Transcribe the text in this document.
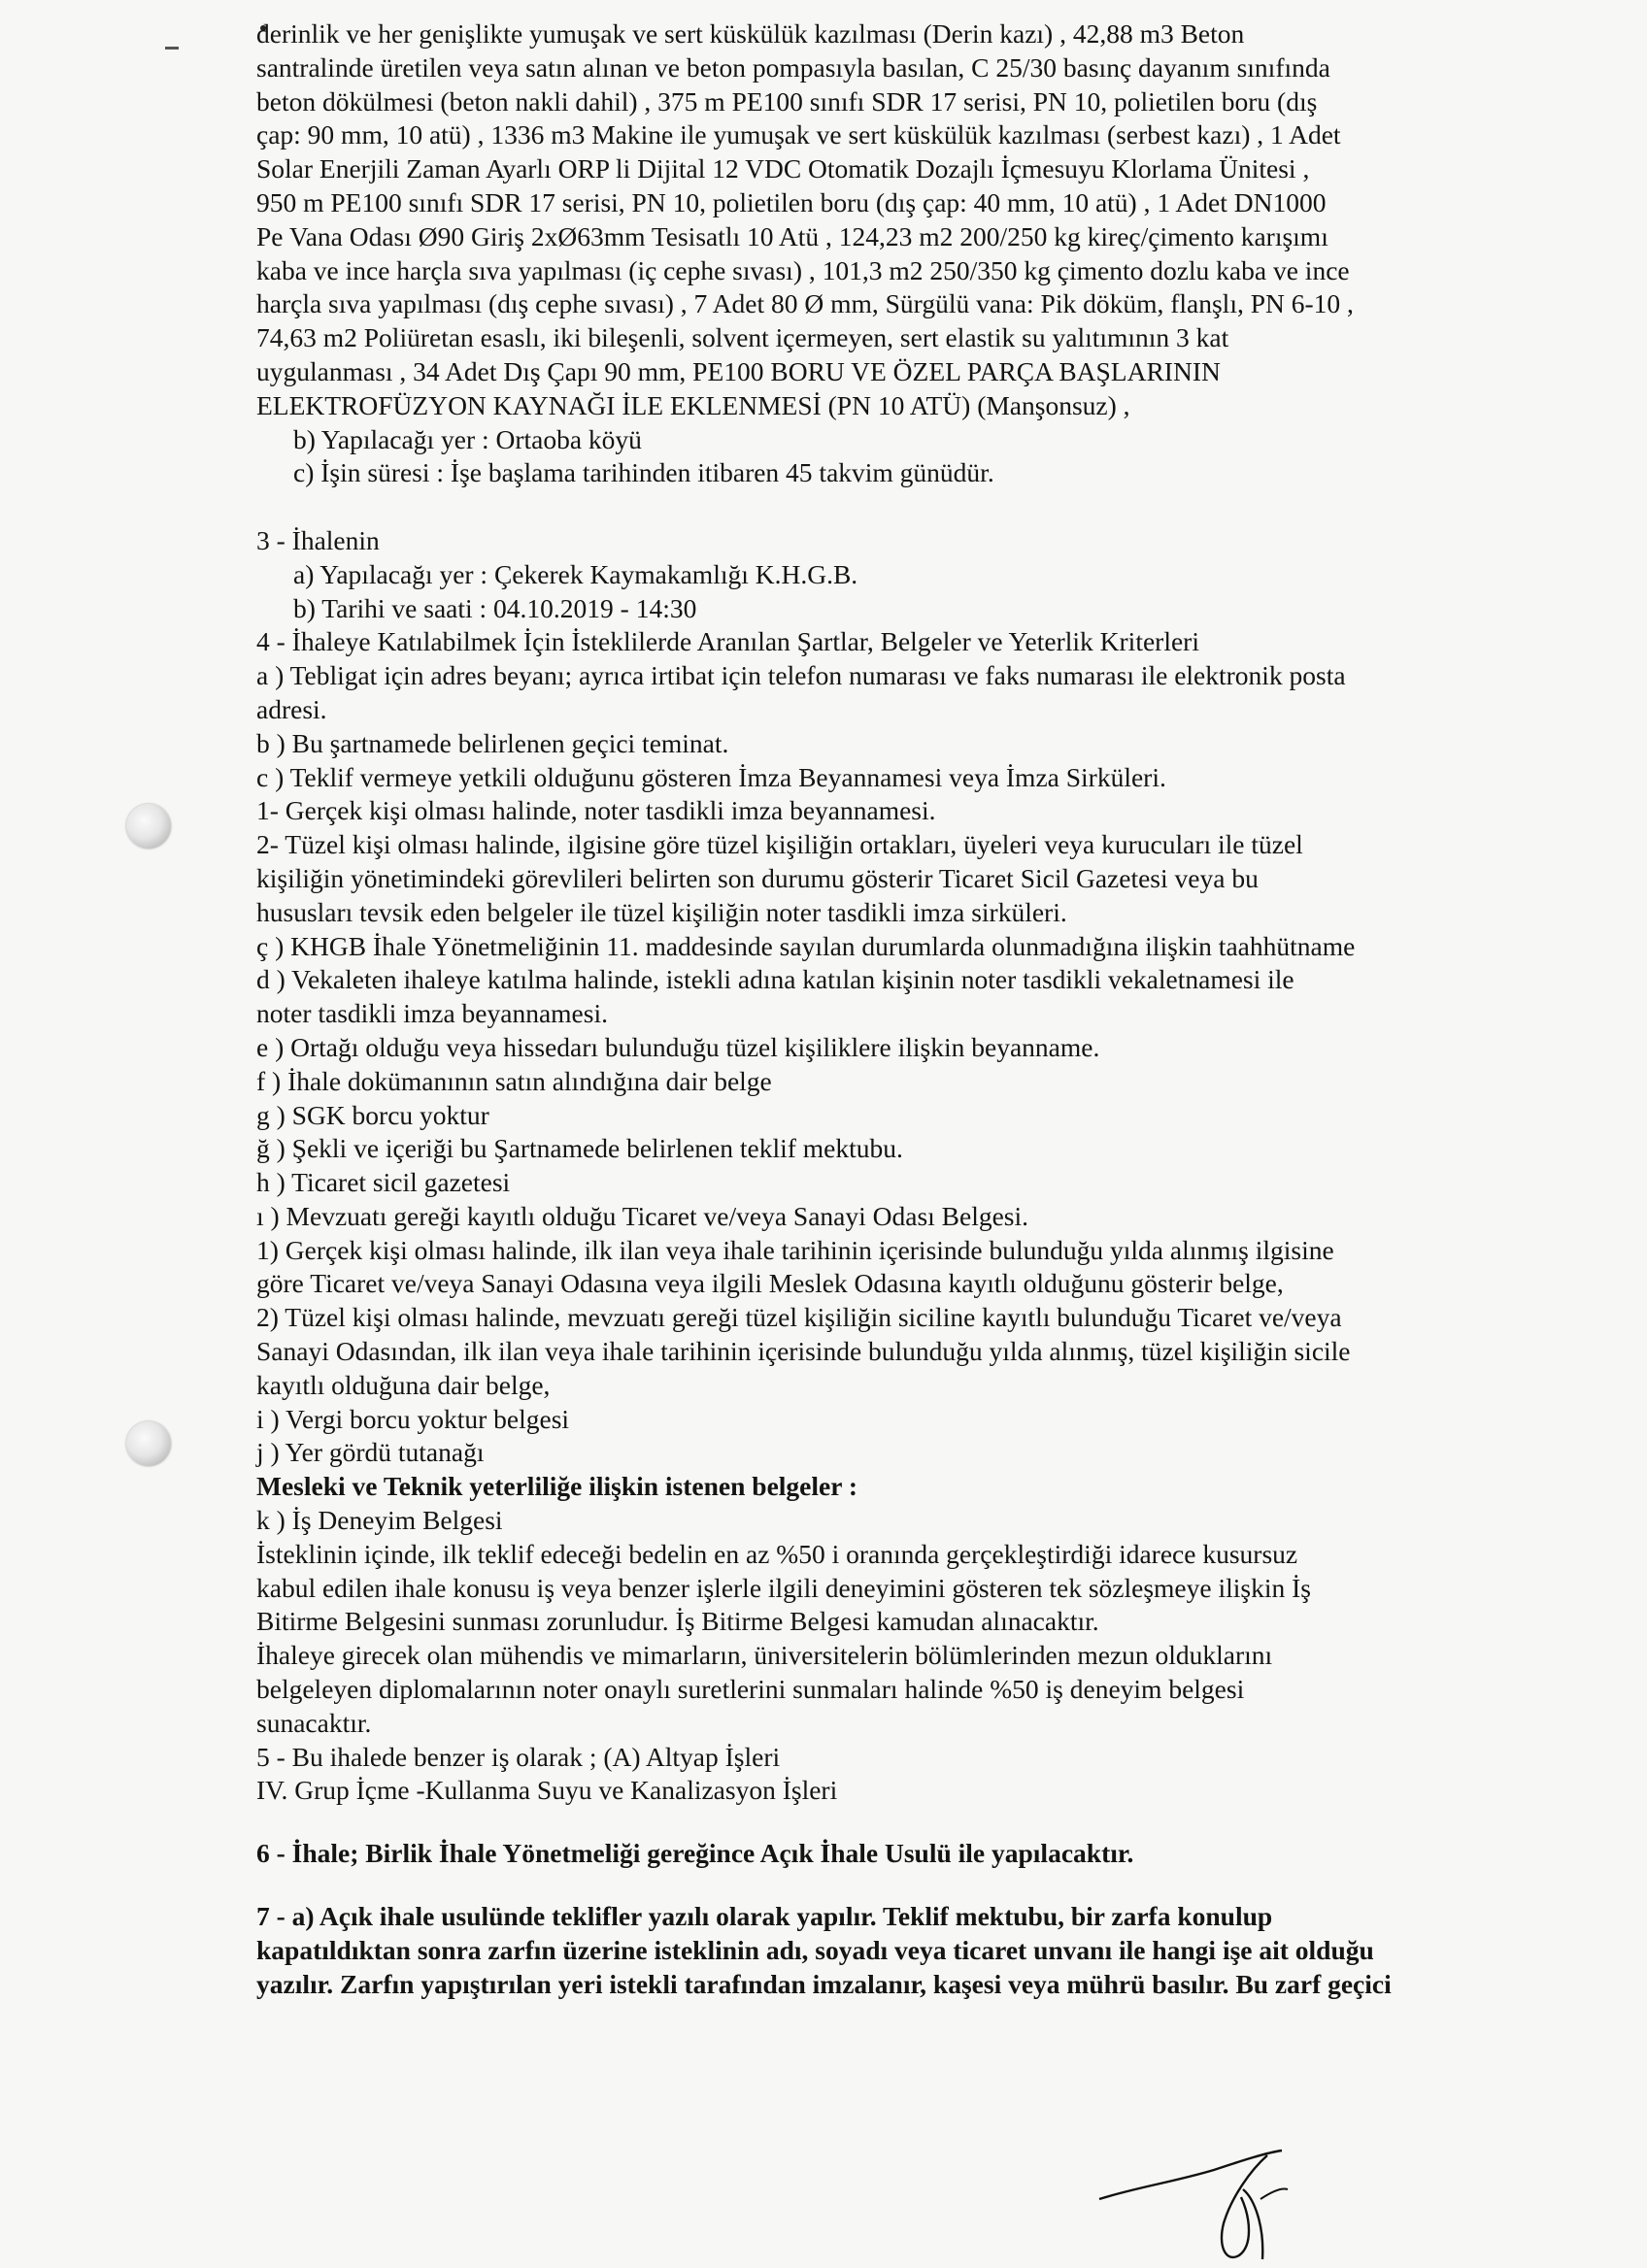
derinlik ve her genişlikte yumuşak ve sert küskülük kazılması (Derin kazı) , 42,88 m3 Beton

santralinde üretilen veya satın alınan ve beton pompasıyla basılan, C 25/30 basınç dayanım sınıfında

beton dökülmesi (beton nakli dahil) , 375 m PE100 sınıfı SDR 17 serisi, PN 10, polietilen boru (dış

çap: 90 mm, 10 atü) , 1336 m3 Makine ile yumuşak ve sert küskülük kazılması (serbest kazı) , 1 Adet

Solar Enerjili Zaman Ayarlı ORP li Dijital 12 VDC Otomatik Dozajlı İçmesuyu Klorlama Ünitesi ,

950 m PE100 sınıfı SDR 17 serisi, PN 10, polietilen boru (dış çap: 40 mm, 10 atü) , 1 Adet DN1000

Pe Vana Odası Ø90 Giriş 2xØ63mm Tesisatlı 10 Atü , 124,23 m2 200/250 kg kireç/çimento karışımı

kaba ve ince harçla sıva yapılması (iç cephe sıvası) , 101,3 m2 250/350 kg çimento dozlu kaba ve ince

harçla sıva yapılması (dış cephe sıvası) , 7 Adet 80 Ø mm, Sürgülü vana: Pik döküm, flanşlı, PN 6-10 ,

74,63 m2 Poliüretan esaslı, iki bileşenli, solvent içermeyen, sert elastik su yalıtımının 3 kat

uygulanması , 34 Adet Dış Çapı 90 mm, PE100 BORU VE ÖZEL PARÇA BAŞLARININ

ELEKTROFÜZYON KAYNAĞI İLE EKLENMESİ (PN 10 ATÜ) (Manşonsuz) ,

b) Yapılacağı yer : Ortaoba köyü

c) İşin süresi : İşe başlama tarihinden itibaren 45 takvim günüdür.

3 - İhalenin

a) Yapılacağı yer : Çekerek Kaymakamlığı K.H.G.B.

b) Tarihi ve saati : 04.10.2019 - 14:30

4 - İhaleye Katılabilmek İçin İsteklilerde Aranılan Şartlar, Belgeler ve Yeterlik Kriterleri

a ) Tebligat için adres beyanı; ayrıca irtibat için telefon numarası ve faks numarası ile elektronik posta

adresi.

b ) Bu şartnamede belirlenen geçici teminat.

c ) Teklif vermeye yetkili olduğunu gösteren İmza Beyannamesi veya İmza Sirküleri.

1- Gerçek kişi olması halinde, noter tasdikli imza beyannamesi.

2- Tüzel kişi olması halinde, ilgisine göre tüzel kişiliğin ortakları, üyeleri veya kurucuları ile tüzel

kişiliğin yönetimindeki görevlileri belirten son durumu gösterir Ticaret Sicil Gazetesi veya bu

hususları tevsik eden belgeler ile tüzel kişiliğin noter tasdikli imza sirküleri.

ç ) KHGB İhale Yönetmeliğinin 11. maddesinde sayılan durumlarda olunmadığına ilişkin taahhütname

d ) Vekaleten ihaleye katılma halinde, istekli adına katılan kişinin noter tasdikli vekaletnamesi ile

noter tasdikli imza beyannamesi.

e ) Ortağı olduğu veya hissedarı bulunduğu tüzel kişiliklere ilişkin beyanname.

f ) İhale dokümanının satın alındığına dair belge

g ) SGK borcu yoktur

ğ ) Şekli ve içeriği bu Şartnamede belirlenen teklif mektubu.

h ) Ticaret sicil gazetesi

ı ) Mevzuatı gereği kayıtlı olduğu Ticaret ve/veya Sanayi Odası Belgesi.

1) Gerçek kişi olması halinde, ilk ilan veya ihale tarihinin içerisinde bulunduğu yılda alınmış ilgisine

göre Ticaret ve/veya Sanayi Odasına veya ilgili Meslek Odasına kayıtlı olduğunu gösterir belge,

2) Tüzel kişi olması halinde, mevzuatı gereği tüzel kişiliğin siciline kayıtlı bulunduğu Ticaret ve/veya

Sanayi Odasından, ilk ilan veya ihale tarihinin içerisinde bulunduğu yılda alınmış, tüzel kişiliğin sicile

kayıtlı olduğuna dair belge,

i ) Vergi borcu yoktur belgesi

j ) Yer gördü tutanağı

Mesleki ve Teknik yeterliliğe ilişkin istenen belgeler :

k ) İş Deneyim Belgesi

İsteklinin içinde, ilk teklif edeceği bedelin en az %50 i oranında gerçekleştirdiği idarece kusursuz

kabul edilen ihale konusu iş veya benzer işlerle ilgili deneyimini gösteren tek sözleşmeye ilişkin İş

Bitirme Belgesini sunması zorunludur. İş Bitirme Belgesi kamudan alınacaktır.

İhaleye girecek olan mühendis ve mimarların, üniversitelerin bölümlerinden mezun olduklarını

belgeleyen diplomalarının noter onaylı suretlerini sunmaları halinde %50 iş deneyim belgesi

sunacaktır.

5 - Bu ihalede benzer iş olarak ; (A) Altyap İşleri

IV. Grup İçme -Kullanma Suyu ve Kanalizasyon İşleri

6 - İhale; Birlik İhale Yönetmeliği gereğince Açık İhale Usulü ile yapılacaktır.

7 - a) Açık ihale usulünde teklifler yazılı olarak yapılır. Teklif mektubu, bir zarfa konulup

kapatıldıktan sonra zarfın üzerine isteklinin adı, soyadı veya ticaret unvanı ile hangi işe ait olduğu

yazılır. Zarfın yapıştırılan yeri istekli tarafından imzalanır, kaşesi veya mührü basılır. Bu zarf geçici
